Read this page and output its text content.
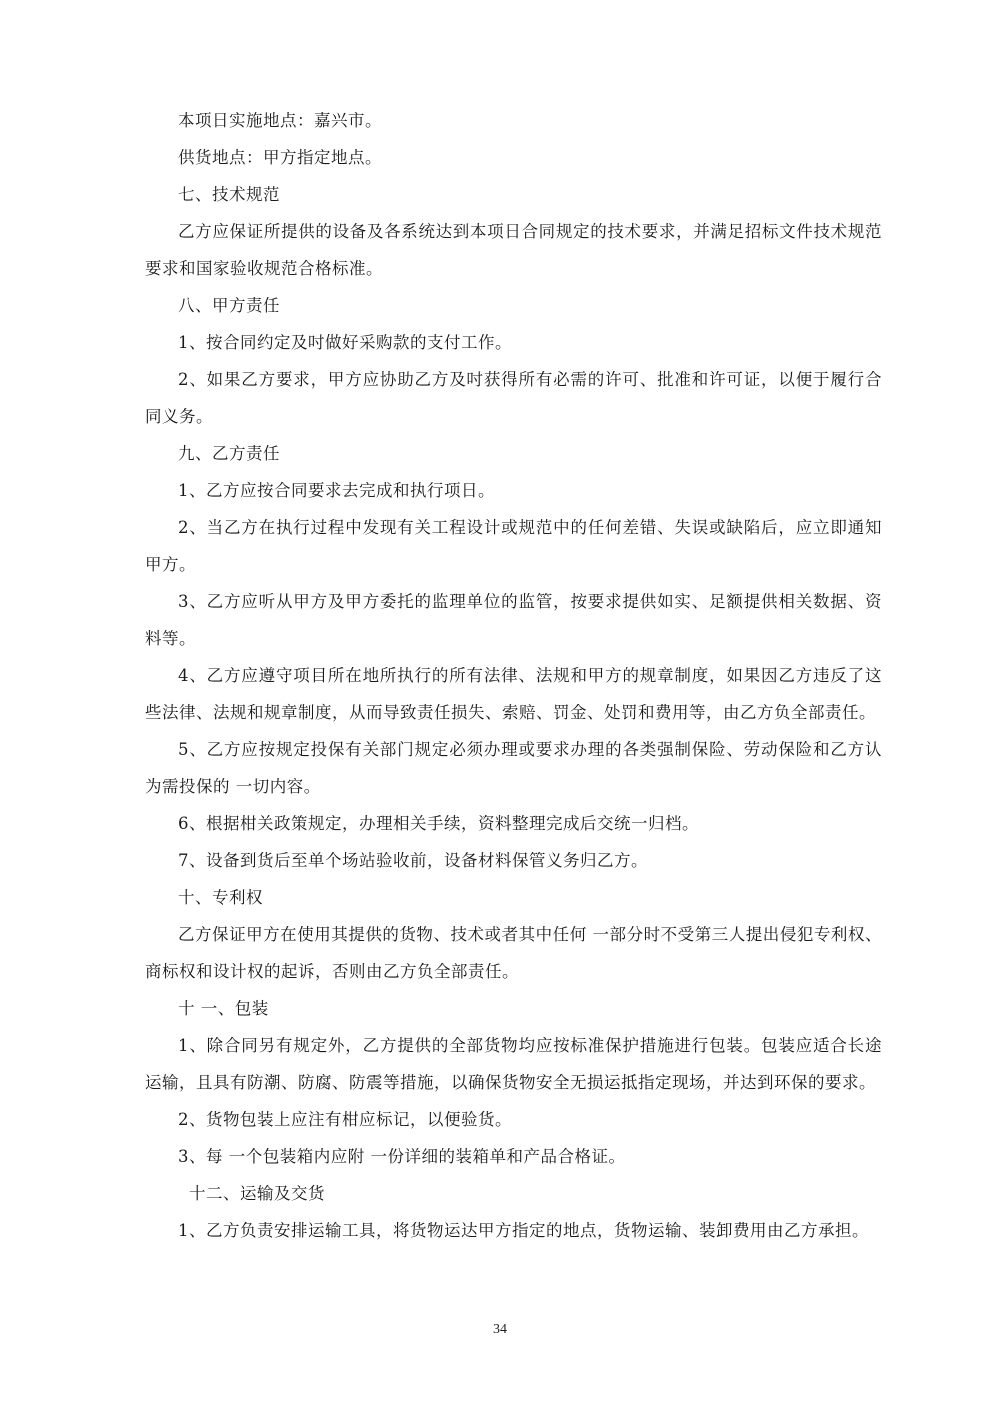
本项日实施地点：嘉兴市。

供货地点：甲方指定地点。

七、技术规范

乙方应保证所提供的设备及各系统达到本项日合同规定的技术要求，并满足招标文件技术规范要求和国家验收规范合格标准。

八、甲方责任

1、按合同约定及吋做好采购款的支付工作。

2、如果乙方要求，甲方应协助乙方及吋获得所有必需的许可、批准和许可证，以便于履行合同义务。

九、乙方责任

1、乙方应按合同要求去完成和执行项日。

2、当乙方在执行过程中发现有关工程设计或规范中的任何差错、失误或缺陷后，应立即通知甲方。

3、乙方应听从甲方及甲方委托的监理单位的监管，按要求提供如实、足额提供相关数据、资料等。

4、乙方应遵守项目所在地所执行的所有法律、法规和甲方的规章制度，如果因乙方违反了这些法律、法规和规章制度，从而导致责任损失、索赔、罚金、处罚和费用等，由乙方负全部责任。

5、乙方应按规定投保有关部门规定必须办理或要求办理的各类强制保险、劳动保险和乙方认为需投保的 一切内容。

6、根据柑关政策规定，办理相关手续，资料整理完成后交统一归档。

7、设备到货后至单个场站验收前，设备材料保管义务归乙方。

十、专利权

乙方保证甲方在使用其提供的货物、技术或者其中任何 一部分时不受第三人提出侵犯专利权、商标权和设计权的起诉，否则由乙方负全部责任。

十 一、包装

1、除合同另有规定外，乙方提供的全部货物均应按标准保护措施进行包装。包装应适合长途运输，且具有防潮、防腐、防震等措施，以确保货物安全无损运抵指定现场，并达到环保的要求。

2、货物包装上应注有柑应标记，以便验货。

3、每 一个包装箱内应附 一份详细的装箱单和产品合格证。

十二、运输及交货

1、乙方负责安排运输工具，将货物运达甲方指定的地点，货物运输、装卸费用由乙方承担。

34
